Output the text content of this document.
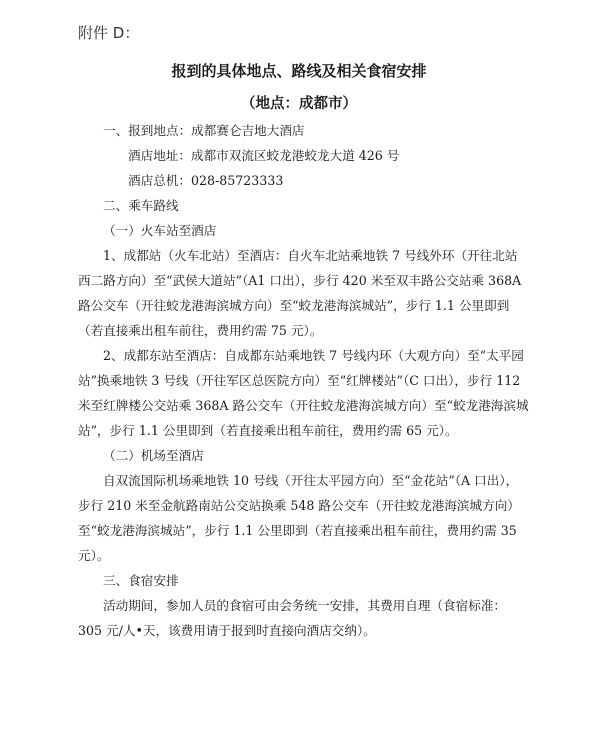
附件 D：
报到的具体地点、路线及相关食宿安排
（地点：成都市）

一、报到地点：成都赛仑吉地大酒店

酒店地址：成都市双流区蛟龙港蛟龙大道 426 号

酒店总机：028-85723333

二、乘车路线

（一）火车站至酒店

1、成都站（火车北站）至酒店：自火车北站乘地铁 7 号线外环（开往北站西二路方向）至“武侯大道站”（A1 口出），步行 420 米至双丰路公交站乘 368A 路公交车（开往蛟龙港海滨城方向）至“蛟龙港海滨城站”，步行 1.1 公里即到（若直接乘出租车前往，费用约需 75 元）。

2、成都东站至酒店：自成都东站乘地铁 7 号线内环（大观方向）至“太平园站”换乘地铁 3 号线（开往军区总医院方向）至“红牌楼站”（C 口出），步行 112 米至红牌楼公交站乘 368A 路公交车（开往蛟龙港海滨城方向）至“蛟龙港海滨城站”，步行 1.1 公里即到（若直接乘出租车前往，费用约需 65 元）。

（二）机场至酒店

自双流国际机场乘地铁 10 号线（开往太平园方向）至“金花站”（A 口出），步行 210 米至金航路南站公交站换乘 548 路公交车（开往蛟龙港海滨城方向）至“蛟龙港海滨城站”，步行 1.1 公里即到（若直接乘出租车前往，费用约需 35 元）。

三、食宿安排

活动期间，参加人员的食宿可由会务统一安排，其费用自理（食宿标准：305 元/人•天，该费用请于报到时直接向酒店交纳）。
